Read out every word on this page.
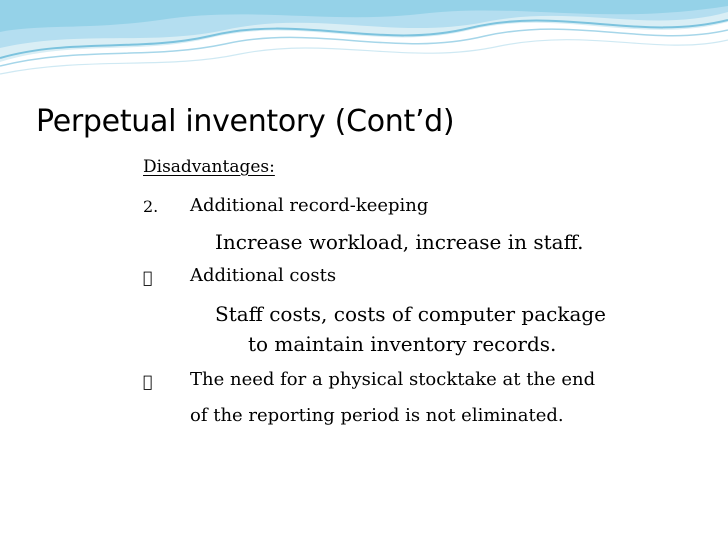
Perpetual inventory (Cont’d)
Disadvantages:
2. Additional record-keeping
Increase workload, increase in staff.
Additional costs
Staff costs, costs of computer package
to maintain inventory records.
The need for a physical stocktake at the end
of the reporting period is not eliminated.
